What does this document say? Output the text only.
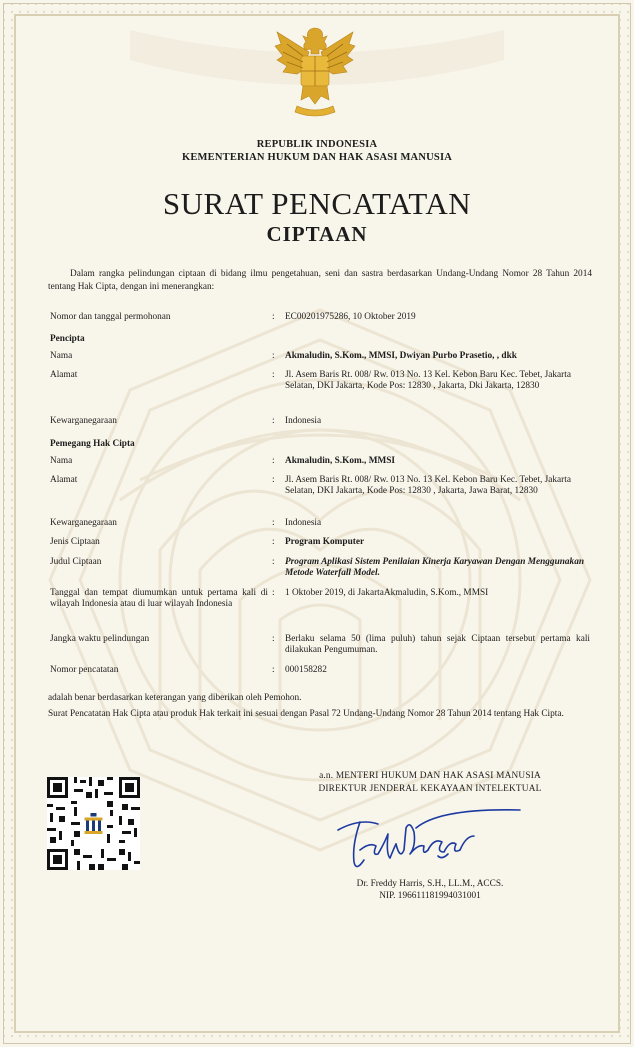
REPUBLIK INDONESIA
KEMENTERIAN HUKUM DAN HAK ASASI MANUSIA
SURAT PENCATATAN
CIPTAAN
Dalam rangka pelindungan ciptaan di bidang ilmu pengetahuan, seni dan sastra berdasarkan Undang-Undang Nomor 28 Tahun 2014 tentang Hak Cipta, dengan ini menerangkan:
Nomor dan tanggal permohonan	: EC00201975286, 10 Oktober 2019
Pencipta
Nama	: Akmaludin, S.Kom., MMSI, Dwiyan Purbo Prasetio, , dkk
Alamat	: Jl. Asem Baris Rt. 008/ Rw. 013 No. 13 Kel. Kebon Baru Kec. Tebet, Jakarta Selatan, DKI Jakarta, Kode Pos: 12830 , Jakarta, Dki Jakarta, 12830
Kewarganegaraan	: Indonesia
Pemegang Hak Cipta
Nama	: Akmaludin, S.Kom., MMSI
Alamat	: Jl. Asem Baris Rt. 008/ Rw. 013 No. 13 Kel. Kebon Baru Kec. Tebet, Jakarta Selatan, DKI Jakarta, Kode Pos: 12830 , Jakarta, Jawa Barat, 12830
Kewarganegaraan	: Indonesia
Jenis Ciptaan	: Program Komputer
Judul Ciptaan	: Program Aplikasi Sistem Penilaian Kinerja Karyawan Dengan Menggunakan Metode Waterfall Model.
Tanggal dan tempat diumumkan untuk pertama kali di wilayah Indonesia atau di luar wilayah Indonesia
: 1 Oktober 2019, di JakartaAkmaludin, S.Kom., MMSI
Jangka waktu pelindungan	: Berlaku selama 50 (lima puluh) tahun sejak Ciptaan tersebut pertama kali dilakukan Pengumuman.
Nomor pencatatan	: 000158282
adalah benar berdasarkan keterangan yang diberikan oleh Pemohon.
Surat Pencatatan Hak Cipta atau produk Hak terkait ini sesuai dengan Pasal 72 Undang-Undang Nomor 28 Tahun 2014 tentang Hak Cipta.
a.n. MENTERI HUKUM DAN HAK ASASI MANUSIA
DIREKTUR JENDERAL KEKAYAAN INTELEKTUAL
Dr. Freddy Harris, S.H., LL.M., ACCS.
NIP. 196611181994031001
